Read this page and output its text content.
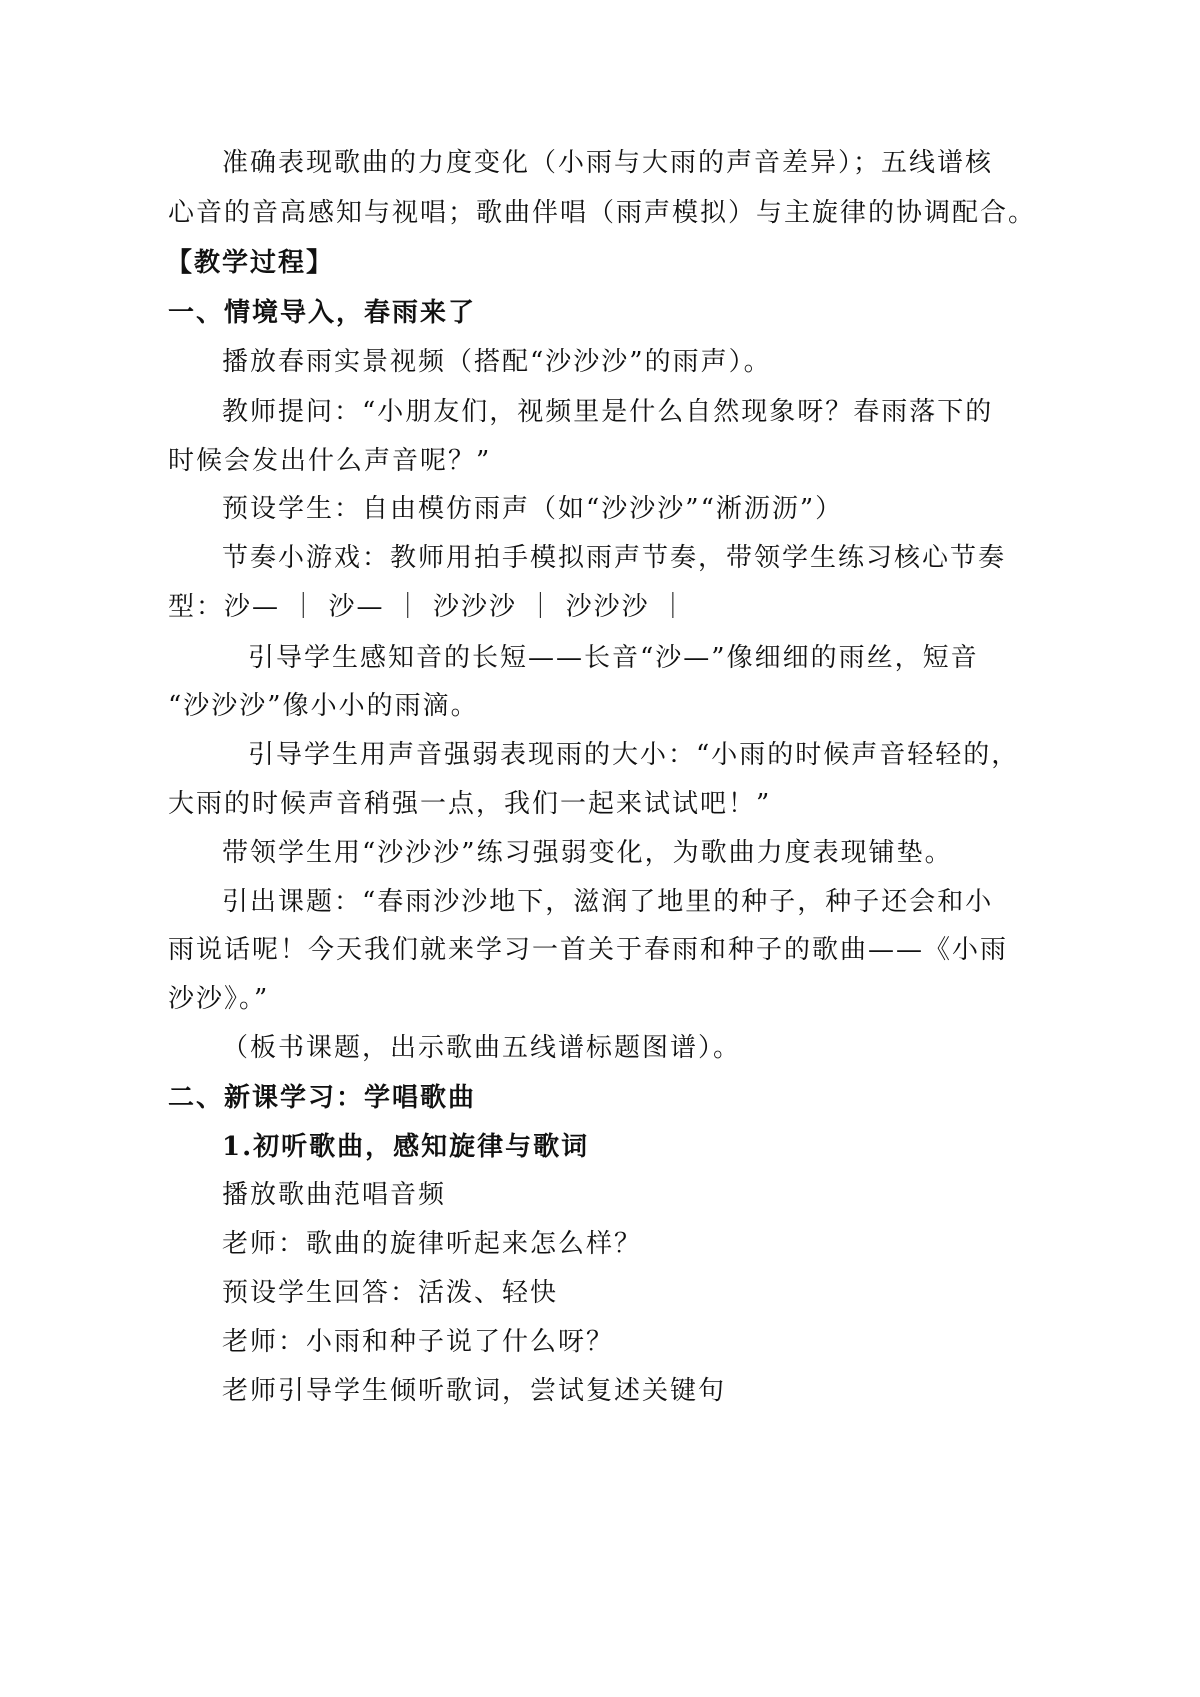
准确表现歌曲的力度变化（小雨与大雨的声音差异）；五线谱核
心音的音高感知与视唱；歌曲伴唱（雨声模拟）与主旋律的协调配合。
【教学过程】
一、情境导入，春雨来了
播放春雨实景视频（搭配“沙沙沙”的雨声）。
教师提问：“小朋友们，视频里是什么自然现象呀？春雨落下的
时候会发出什么声音呢？”
预设学生：自由模仿雨声（如“沙沙沙”“淅沥沥”）
节奏小游戏：教师用拍手模拟雨声节奏，带领学生练习核心节奏
型：沙— ｜ 沙— ｜ 沙沙沙 ｜ 沙沙沙 ｜
引导学生感知音的长短——长音“沙—”像细细的雨丝，短音
“沙沙沙”像小小的雨滴。
引导学生用声音强弱表现雨的大小：“小雨的时候声音轻轻的，
大雨的时候声音稍强一点，我们一起来试试吧！”
带领学生用“沙沙沙”练习强弱变化，为歌曲力度表现铺垫。
引出课题：“春雨沙沙地下，滋润了地里的种子，种子还会和小
雨说话呢！今天我们就来学习一首关于春雨和种子的歌曲——《小雨
沙沙》。”
（板书课题，出示歌曲五线谱标题图谱）。
二、新课学习：学唱歌曲
1.初听歌曲，感知旋律与歌词
播放歌曲范唱音频
老师：歌曲的旋律听起来怎么样？
预设学生回答：活泼、轻快
老师：小雨和种子说了什么呀？
老师引导学生倾听歌词，尝试复述关键句
